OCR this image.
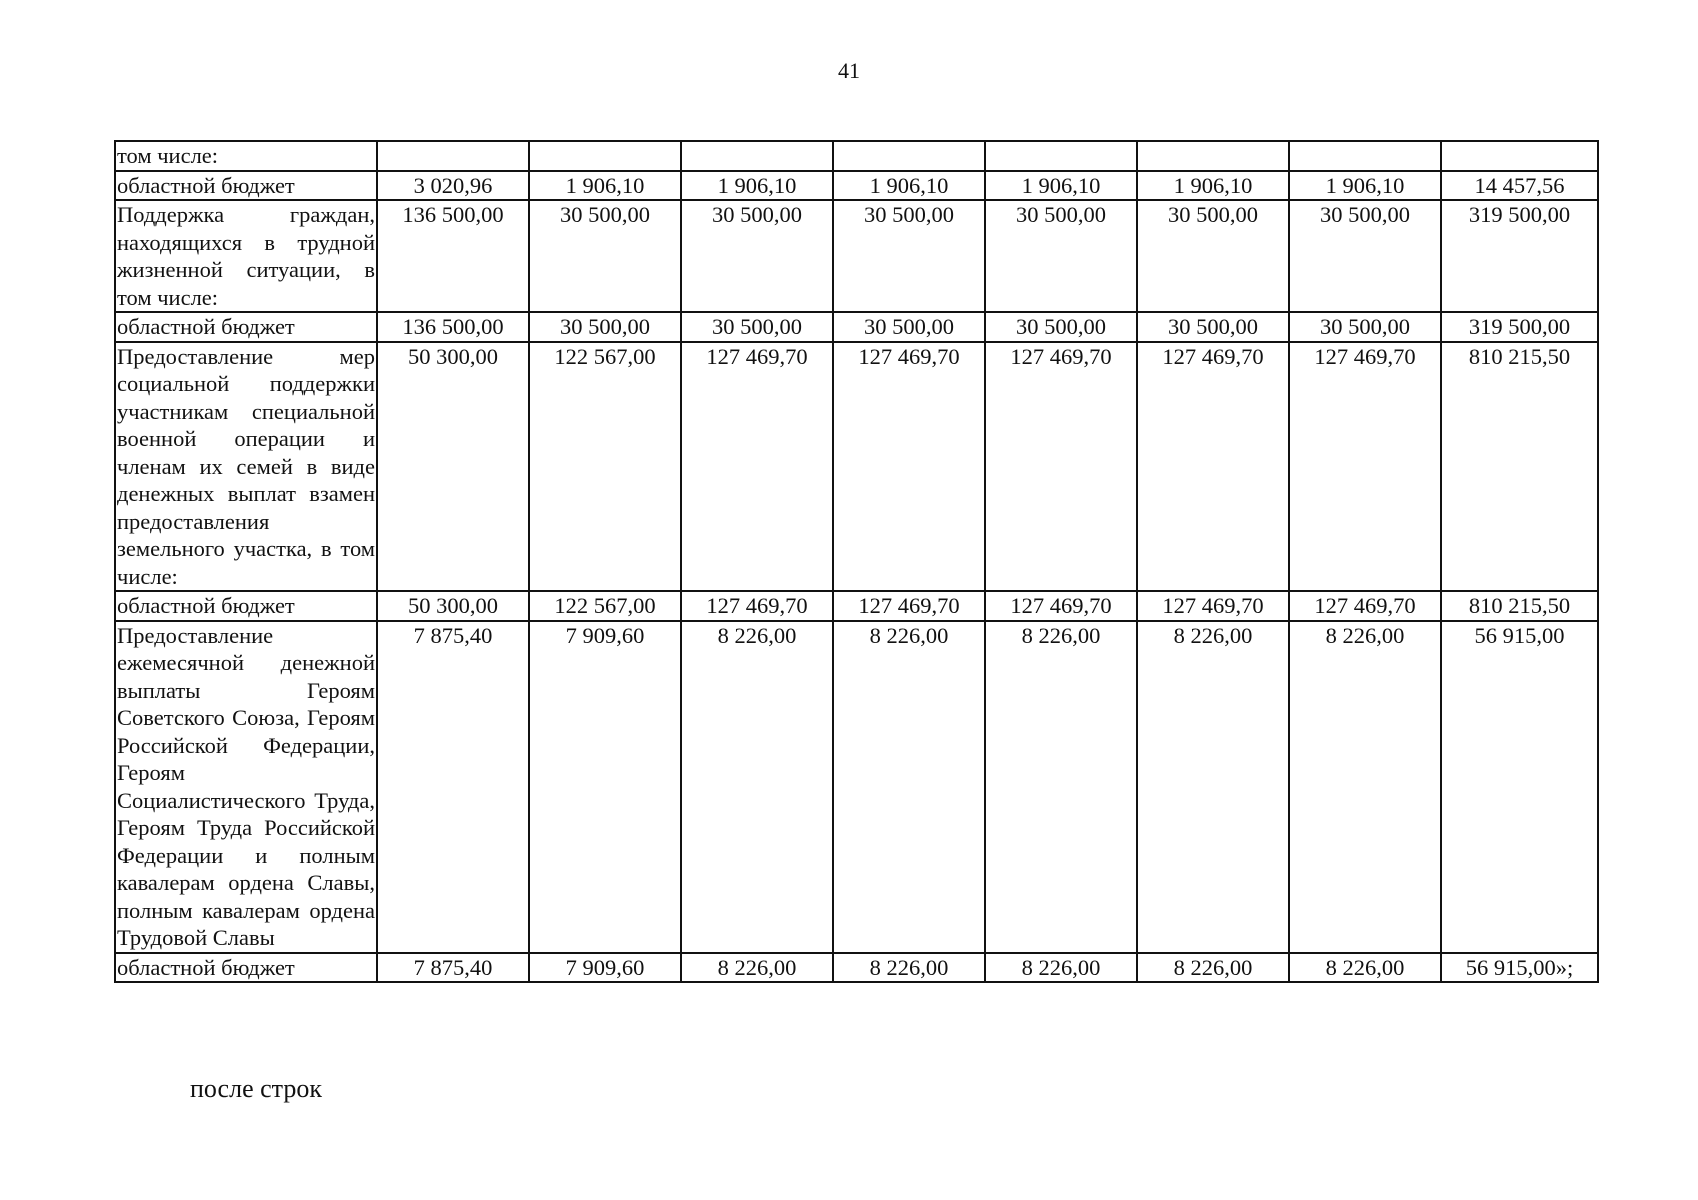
41
том числе:								
областной бюджет	3 020,96	1 906,10	1 906,10	1 906,10	1 906,10	1 906,10	1 906,10	14 457,56
Поддержка граждан, находящихся в трудной жизненной ситуации, в том числе:	136 500,00	30 500,00	30 500,00	30 500,00	30 500,00	30 500,00	30 500,00	319 500,00
областной бюджет	136 500,00	30 500,00	30 500,00	30 500,00	30 500,00	30 500,00	30 500,00	319 500,00
Предоставление мер социальной поддержки участникам специальной военной операции и членам их семей в виде денежных выплат взамен предоставления земельного участка, в том числе:	50 300,00	122 567,00	127 469,70	127 469,70	127 469,70	127 469,70	127 469,70	810 215,50
областной бюджет	50 300,00	122 567,00	127 469,70	127 469,70	127 469,70	127 469,70	127 469,70	810 215,50
Предоставление ежемесячной денежной выплаты Героям Советского Союза, Героям Российской Федерации, Героям Социалистического Труда, Героям Труда Российской Федерации и полным кавалерам ордена Славы, полным кавалерам ордена Трудовой Славы	7 875,40	7 909,60	8 226,00	8 226,00	8 226,00	8 226,00	8 226,00	56 915,00
областной бюджет	7 875,40	7 909,60	8 226,00	8 226,00	8 226,00	8 226,00	8 226,00	56 915,00»;
после строк
